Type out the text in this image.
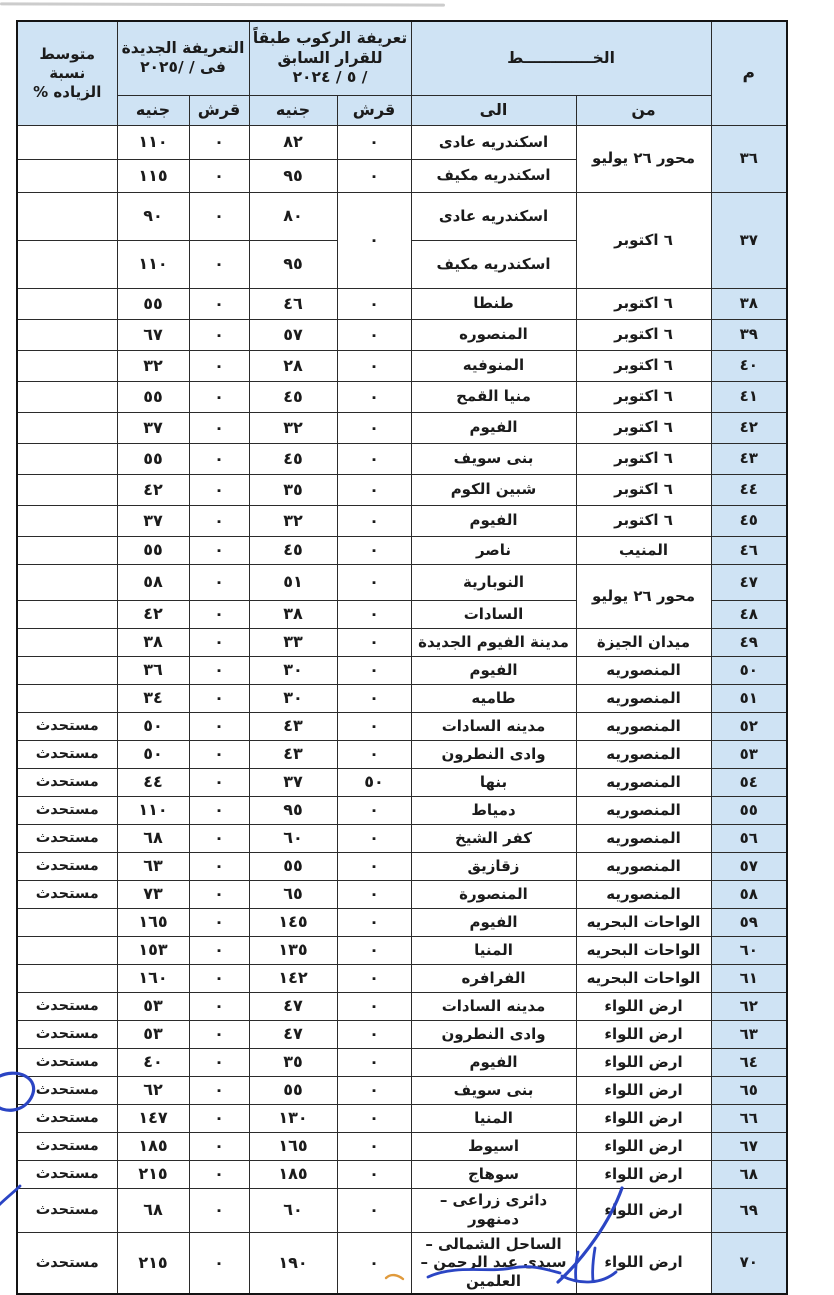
م	الخـــــــــــــط		تعريفة الركوب طبقاً
للقرار السابق
/ ٥ / ٢٠٢٤		التعريفة الجديدة
فى / /٢٠٢٥		متوسط نسبة
الزياده %
	من	الى	قرش	جنيه	قرش	جنيه	
٣٦	محور ٢٦ يوليو	اسكندريه عادى	٠	٨٢	٠	١١٠	
		اسكندريه مكيف	٠	٩٥	٠	١١٥	
٣٧	٦ اكتوبر	اسكندريه عادى	٠	٨٠	٠	٩٠	
		اسكندريه مكيف		٩٥	٠	١١٠	
٣٨	٦ اكتوبر	طنطا	٠	٤٦	٠	٥٥	
٣٩	٦ اكتوبر	المنصوره	٠	٥٧	٠	٦٧	
٤٠	٦ اكتوبر	المنوفيه	٠	٢٨	٠	٣٢	
٤١	٦ اكتوبر	منيا القمح	٠	٤٥	٠	٥٥	
٤٢	٦ اكتوبر	الفيوم	٠	٣٢	٠	٣٧	
٤٣	٦ اكتوبر	بنى سويف	٠	٤٥	٠	٥٥	
٤٤	٦ اكتوبر	شبين الكوم	٠	٣٥	٠	٤٢	
٤٥	٦ اكتوبر	الفيوم	٠	٣٢	٠	٣٧	
٤٦	المنيب	ناصر	٠	٤٥	٠	٥٥	
٤٧	محور ٢٦ يوليو	النوبارية	٠	٥١	٠	٥٨	
٤٨		السادات	٠	٣٨	٠	٤٢	
٤٩	ميدان الجيزة	مدينة الفيوم الجديدة	٠	٣٣	٠	٣٨	
٥٠	المنصوريه	الفيوم	٠	٣٠	٠	٣٦	
٥١	المنصوريه	طاميه	٠	٣٠	٠	٣٤	
٥٢	المنصوريه	مدينه السادات	٠	٤٣	٠	٥٠	مستحدث
٥٣	المنصوريه	وادى النطرون	٠	٤٣	٠	٥٠	مستحدث
٥٤	المنصوريه	بنها	٥٠	٣٧	٠	٤٤	مستحدث
٥٥	المنصوريه	دمياط	٠	٩٥	٠	١١٠	مستحدث
٥٦	المنصوريه	كفر الشيخ	٠	٦٠	٠	٦٨	مستحدث
٥٧	المنصوريه	زقازيق	٠	٥٥	٠	٦٣	مستحدث
٥٨	المنصوريه	المنصورة	٠	٦٥	٠	٧٣	مستحدث
٥٩	الواحات البحريه	الفيوم	٠	١٤٥	٠	١٦٥	
٦٠	الواحات البحريه	المنيا	٠	١٣٥	٠	١٥٣	
٦١	الواحات البحريه	الفرافره	٠	١٤٢	٠	١٦٠	
٦٢	ارض اللواء	مدينه السادات	٠	٤٧	٠	٥٣	مستحدث
٦٣	ارض اللواء	وادى النطرون	٠	٤٧	٠	٥٣	مستحدث
٦٤	ارض اللواء	الفيوم	٠	٣٥	٠	٤٠	مستحدث
٦٥	ارض اللواء	بنى سويف	٠	٥٥	٠	٦٢	مستحدث
٦٦	ارض اللواء	المنيا	٠	١٣٠	٠	١٤٧	مستحدث
٦٧	ارض اللواء	اسيوط	٠	١٦٥	٠	١٨٥	مستحدث
٦٨	ارض اللواء	سوهاج	٠	١٨٥	٠	٢١٥	مستحدث
٦٩	ارض اللواء	دائرى زراعى –
دمنهور	٠	٦٠	٠	٦٨	مستحدث
٧٠	ارض اللواء	الساحل الشمالى –
سيدى عبد الرحمن –
العلمين	٠	١٩٠	٠	٢١٥	مستحدث
